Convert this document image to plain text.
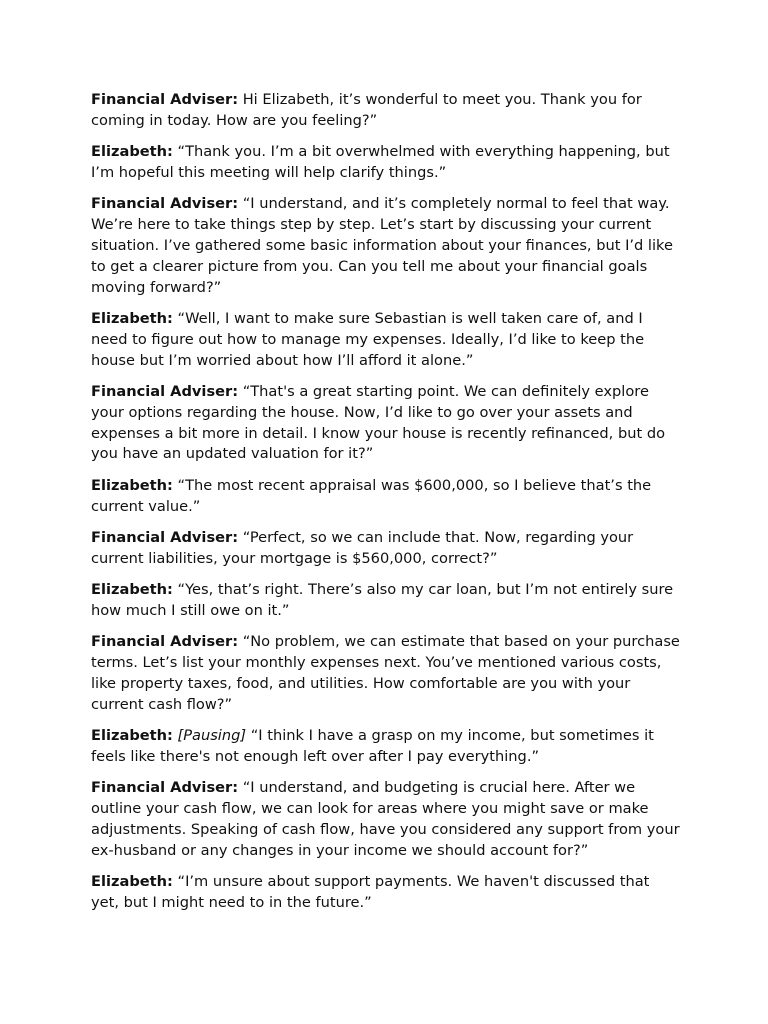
Financial Adviser: Hi Elizabeth, it’s wonderful to meet you. Thank you for coming in today. How are you feeling?”

Elizabeth: “Thank you. I’m a bit overwhelmed with everything happening, but I’m hopeful this meeting will help clarify things.”

Financial Adviser: “I understand, and it’s completely normal to feel that way. We’re here to take things step by step. Let’s start by discussing your current situation. I’ve gathered some basic information about your finances, but I’d like to get a clearer picture from you. Can you tell me about your financial goals moving forward?”

Elizabeth: “Well, I want to make sure Sebastian is well taken care of, and I need to figure out how to manage my expenses. Ideally, I’d like to keep the house but I’m worried about how I’ll afford it alone.”

Financial Adviser: “That's a great starting point. We can definitely explore your options regarding the house. Now, I’d like to go over your assets and expenses a bit more in detail. I know your house is recently refinanced, but do you have an updated valuation for it?”

Elizabeth: “The most recent appraisal was $600,000, so I believe that’s the current value.”

Financial Adviser: “Perfect, so we can include that. Now, regarding your current liabilities, your mortgage is $560,000, correct?”

Elizabeth: “Yes, that’s right. There’s also my car loan, but I’m not entirely sure how much I still owe on it.”

Financial Adviser: “No problem, we can estimate that based on your purchase terms. Let’s list your monthly expenses next. You’ve mentioned various costs, like property taxes, food, and utilities. How comfortable are you with your current cash flow?”

Elizabeth: [Pausing] “I think I have a grasp on my income, but sometimes it feels like there's not enough left over after I pay everything.”

Financial Adviser: “I understand, and budgeting is crucial here. After we outline your cash flow, we can look for areas where you might save or make adjustments. Speaking of cash flow, have you considered any support from your ex-husband or any changes in your income we should account for?”

Elizabeth: “I’m unsure about support payments. We haven't discussed that yet, but I might need to in the future.”
